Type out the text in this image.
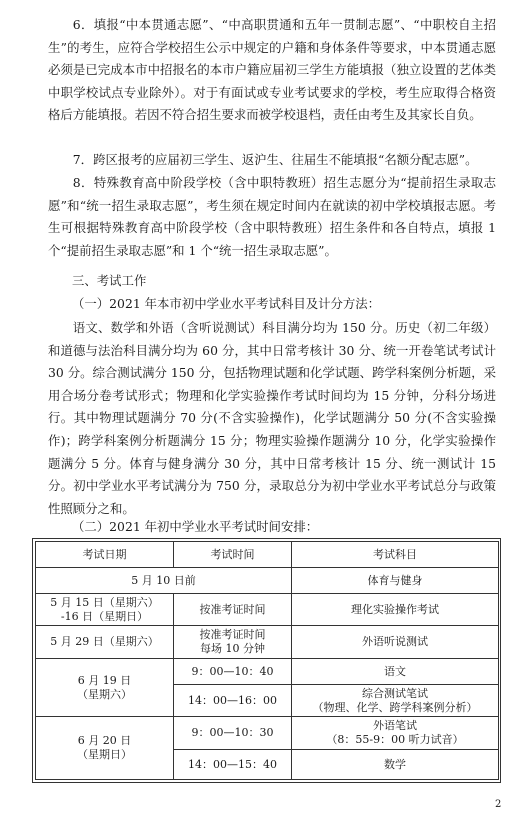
6．填报“中本贯通志愿”、“中高职贯通和五年一贯制志愿”、“中职校自主招生”的考生，应符合学校招生公示中规定的户籍和身体条件等要求，中本贯通志愿必须是已完成本市中招报名的本市户籍应届初三学生方能填报（独立设置的艺体类中职学校试点专业除外）。对于有面试或专业考试要求的学校，考生应取得合格资格后方能填报。若因不符合招生要求而被学校退档，责任由考生及其家长自负。

7．跨区报考的应届初三学生、返沪生、往届生不能填报“名额分配志愿”。

8．特殊教育高中阶段学校（含中职特教班）招生志愿分为“提前招生录取志愿”和“统一招生录取志愿”，考生须在规定时间内在就读的初中学校填报志愿。考生可根据特殊教育高中阶段学校（含中职特教班）招生条件和各自特点，填报 1 个“提前招生录取志愿”和 1 个“统一招生录取志愿”。

三、考试工作

（一）2021 年本市初中学业水平考试科目及计分方法：

语文、数学和外语（含听说测试）科目满分均为 150 分。历史（初二年级）和道德与法治科目满分均为 60 分，其中日常考核计 30 分、统一开卷笔试考试计 30 分。综合测试满分 150 分，包括物理试题和化学试题、跨学科案例分析题，采用合场分卷考试形式；物理和化学实验操作考试时间均为 15 分钟，分科分场进行。其中物理试题满分 70 分(不含实验操作)，化学试题满分 50 分(不含实验操作)；跨学科案例分析题满分 15 分；物理实验操作题满分 10 分，化学实验操作题满分 5 分。体育与健身满分 30 分，其中日常考核计 15 分、统一测试计 15 分。初中学业水平考试满分为 750 分，录取总分为初中学业水平考试总分与政策性照顾分之和。

（二）2021 年初中学业水平考试时间安排：

考试日期	考试时间	考试科目
5 月 10 日前		体育与健身

5 月 15 日（星期六）
-16 日（星期日）	按准考证时间	理化实验操作考试
5 月 29 日（星期六）	按准考证时间
每场 10 分钟	外语听说测试

6 月 19 日
（星期六）	9：00—10：40	语文
	14：00—16：00	综合测试笔试
（物理、化学、跨学科案例分析）

6 月 20 日
（星期日）	9：00—10：30	外语笔试
（8：55-9：00 听力试音）

	14：00—15：40	数学
2
